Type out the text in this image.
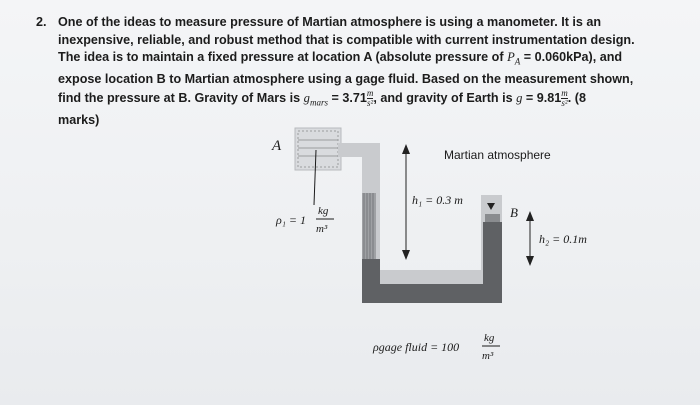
2. One of the ideas to measure pressure of Martian atmosphere is using a manometer. It is an
inexpensive, reliable, and robust method that is compatible with current instrumentation design.
The idea is to maintain a fixed pressure at location A (absolute pressure of $P_A = 0.060kPa$), and
expose location B to Martian atmosphere using a gage fluid. Based on the measurement shown,
find the pressure at B. Gravity of Mars is $g_{mars} = 3.71 \frac{m}{\text{s²}}$ , and gravity of Earth is $g = 9.81 \frac{m}{\text{s²}}$ . (8
marks)
A
ρ₁ = 1
kg
m³
Martian atmosphere
h₁ = 0.3 m
B
h₂ = 0.1m
ρgage fluid = 100
kg
m³
